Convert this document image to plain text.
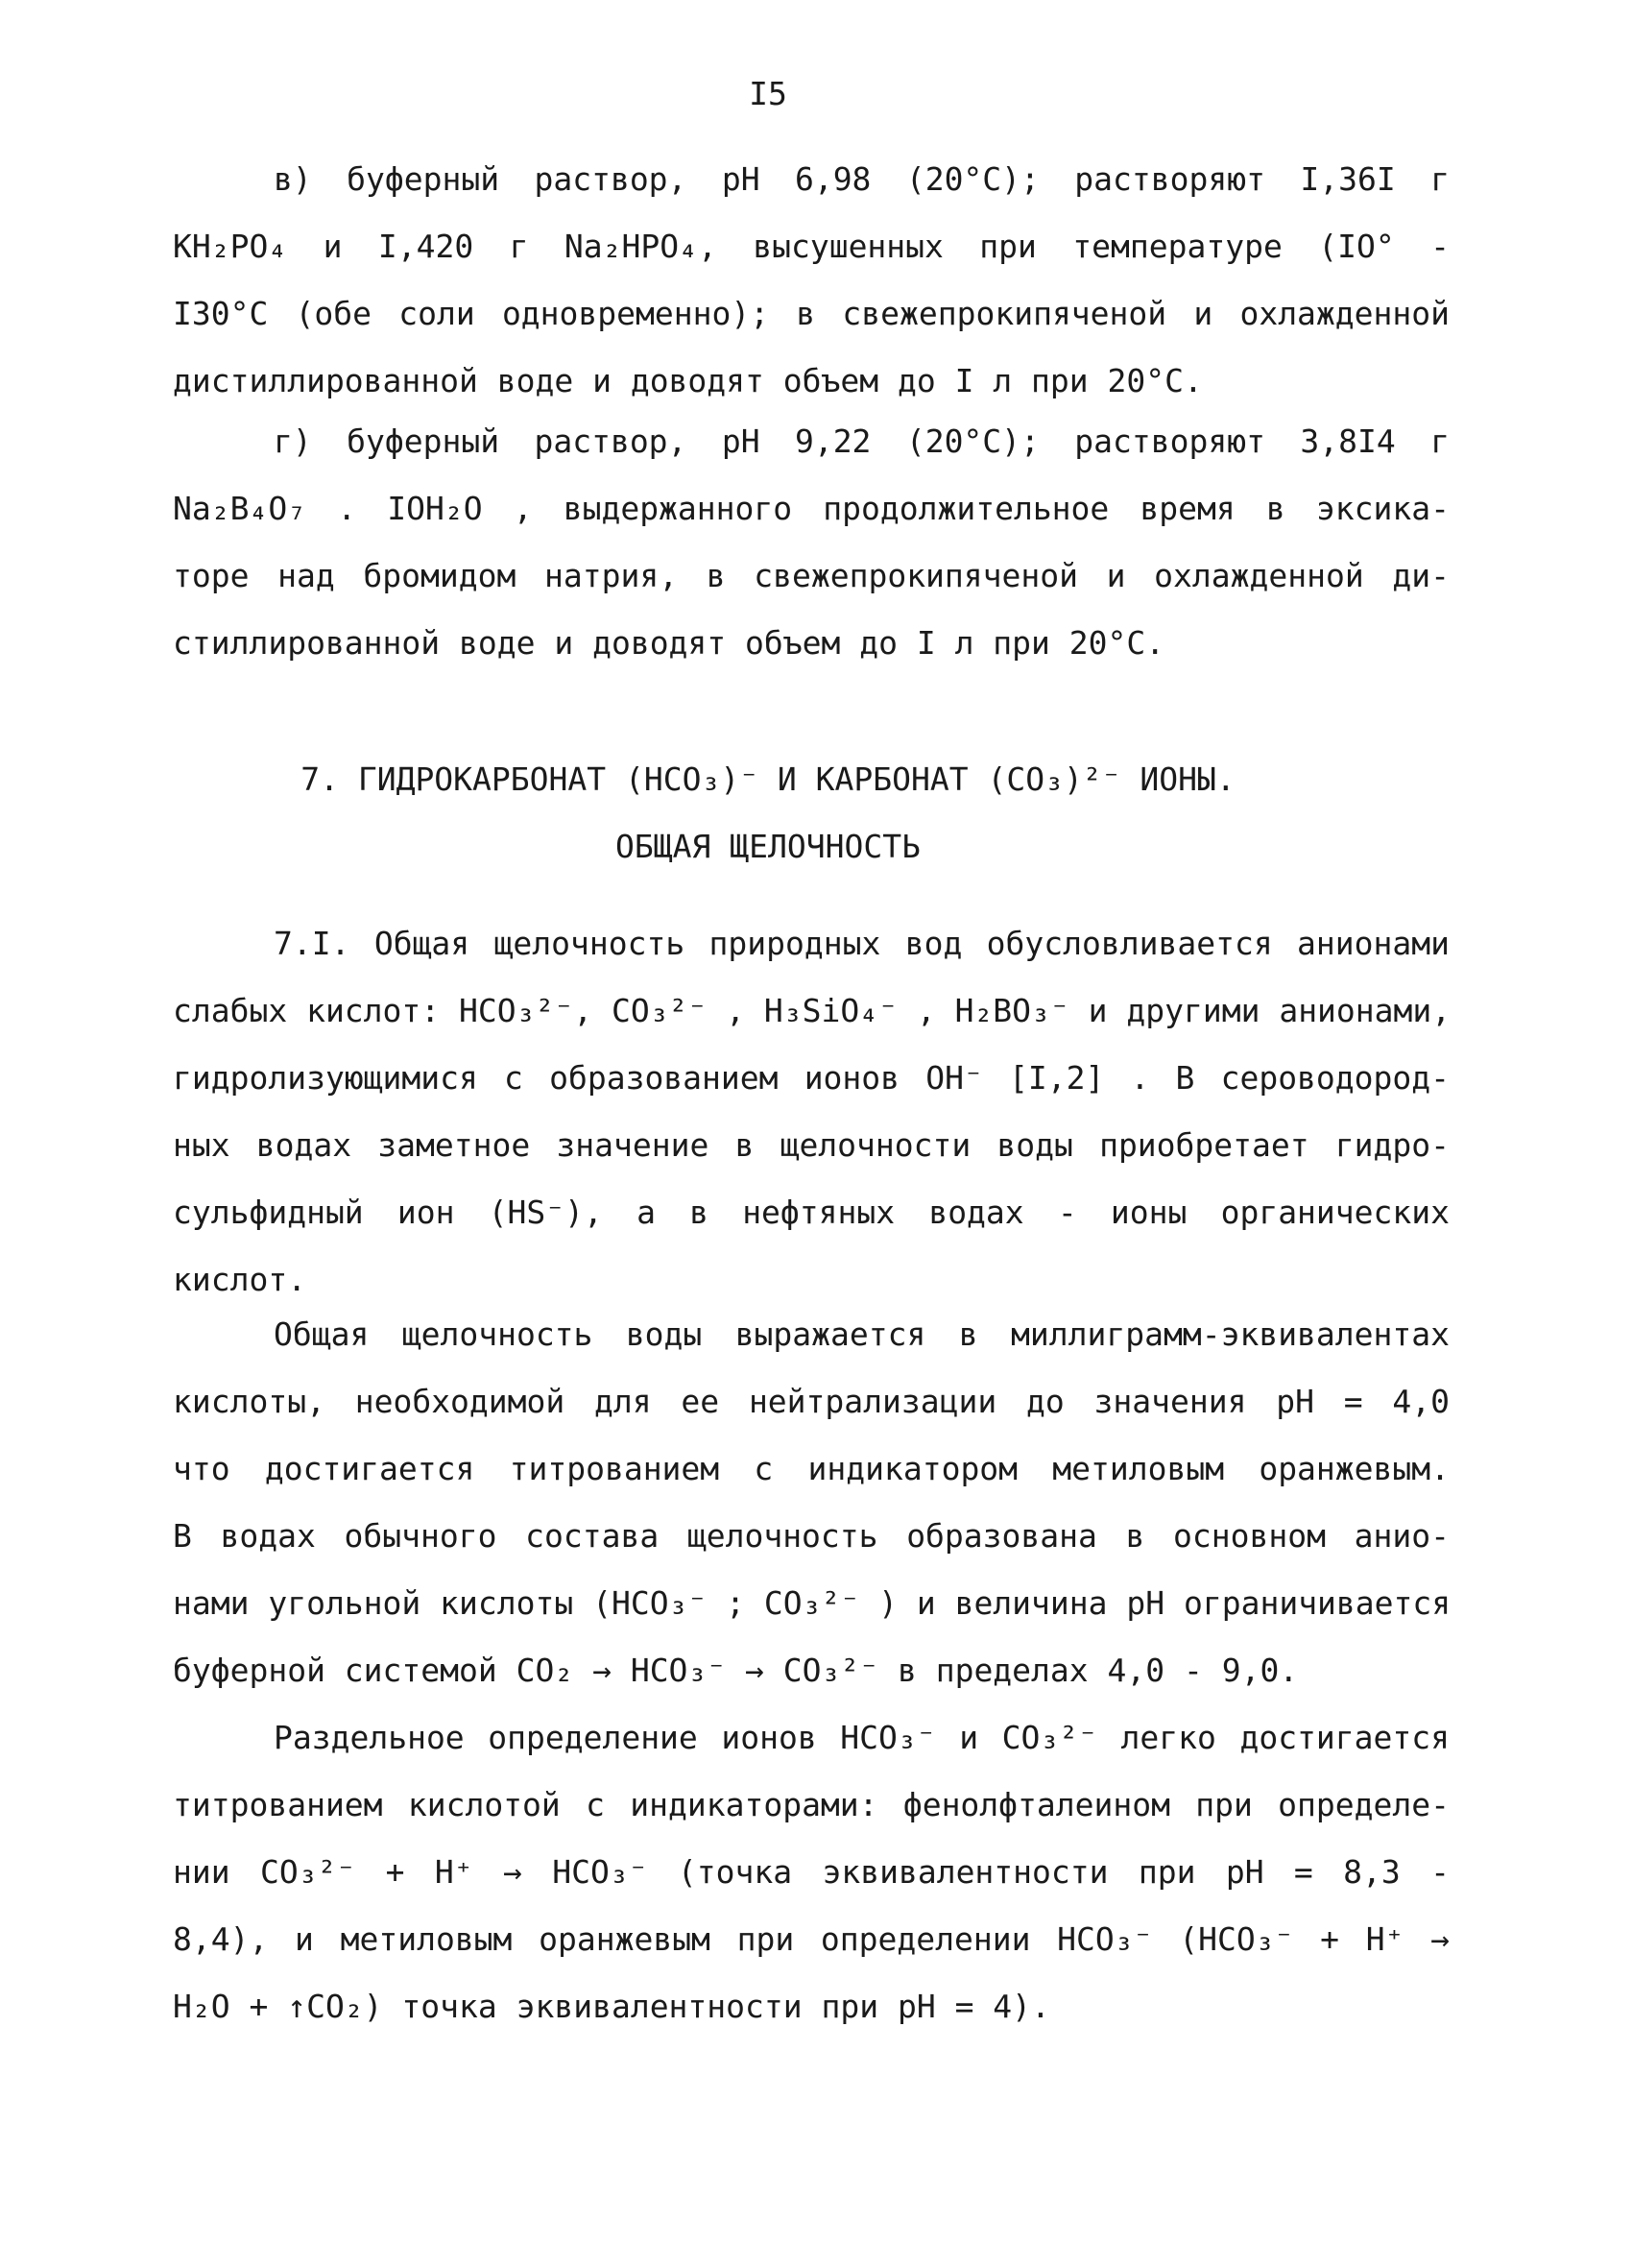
I5
в) буферный раствор, pH 6,98 (20°C); растворяют I,36I г
KH₂PO₄ и I,420 г Na₂HPO₄, высушенных при температуре (IO° -
I30°C (обе соли одновременно); в свежепрокипяченой и охлажденной
дистиллированной воде и доводят объем до I л при 20°C.
г) буферный раствор, pH 9,22 (20°C); растворяют 3,8I4 г
Na₂B₄O₇ . IOH₂O , выдержанного продолжительное время в эксика-
торе над бромидом натрия, в свежепрокипяченой и охлажденной ди-
стиллированной воде и доводят объем до I л при 20°C.
7. ГИДРОКАРБОНАТ (HCO₃)⁻ И КАРБОНАТ (CO₃)²⁻ ИОНЫ.
ОБЩАЯ ЩЕЛОЧНОСТЬ
7.I. Общая щелочность природных вод обусловливается анионами
слабых кислот: HCO₃²⁻, CO₃²⁻ , H₃SiO₄⁻ , H₂BO₃⁻ и другими анионами,
гидролизующимися с образованием ионов OH⁻ [I,2] . В сероводород-
ных водах заметное значение в щелочности воды приобретает гидро-
сульфидный ион (HS⁻), а в нефтяных водах - ионы органических
кислот.
Общая щелочность воды выражается в миллиграмм-эквивалентах
кислоты, необходимой для ее нейтрализации до значения pH = 4,0
что достигается титрованием с индикатором метиловым оранжевым.
В водах обычного состава щелочность образована в основном анио-
нами угольной кислоты (HCO₃⁻ ; CO₃²⁻ ) и величина pH ограничивается
буферной системой CO₂ → HCO₃⁻ → CO₃²⁻ в пределах 4,0 - 9,0.
Раздельное определение ионов HCO₃⁻ и CO₃²⁻ легко достигается
титрованием кислотой с индикаторами: фенолфталеином при определе-
нии CO₃²⁻ + H⁺ → HCO₃⁻ (точка эквивалентности при pH = 8,3 -
8,4), и метиловым оранжевым при определении HCO₃⁻ (HCO₃⁻ + H⁺ →
H₂O + ↑CO₂) точка эквивалентности при pH = 4).
